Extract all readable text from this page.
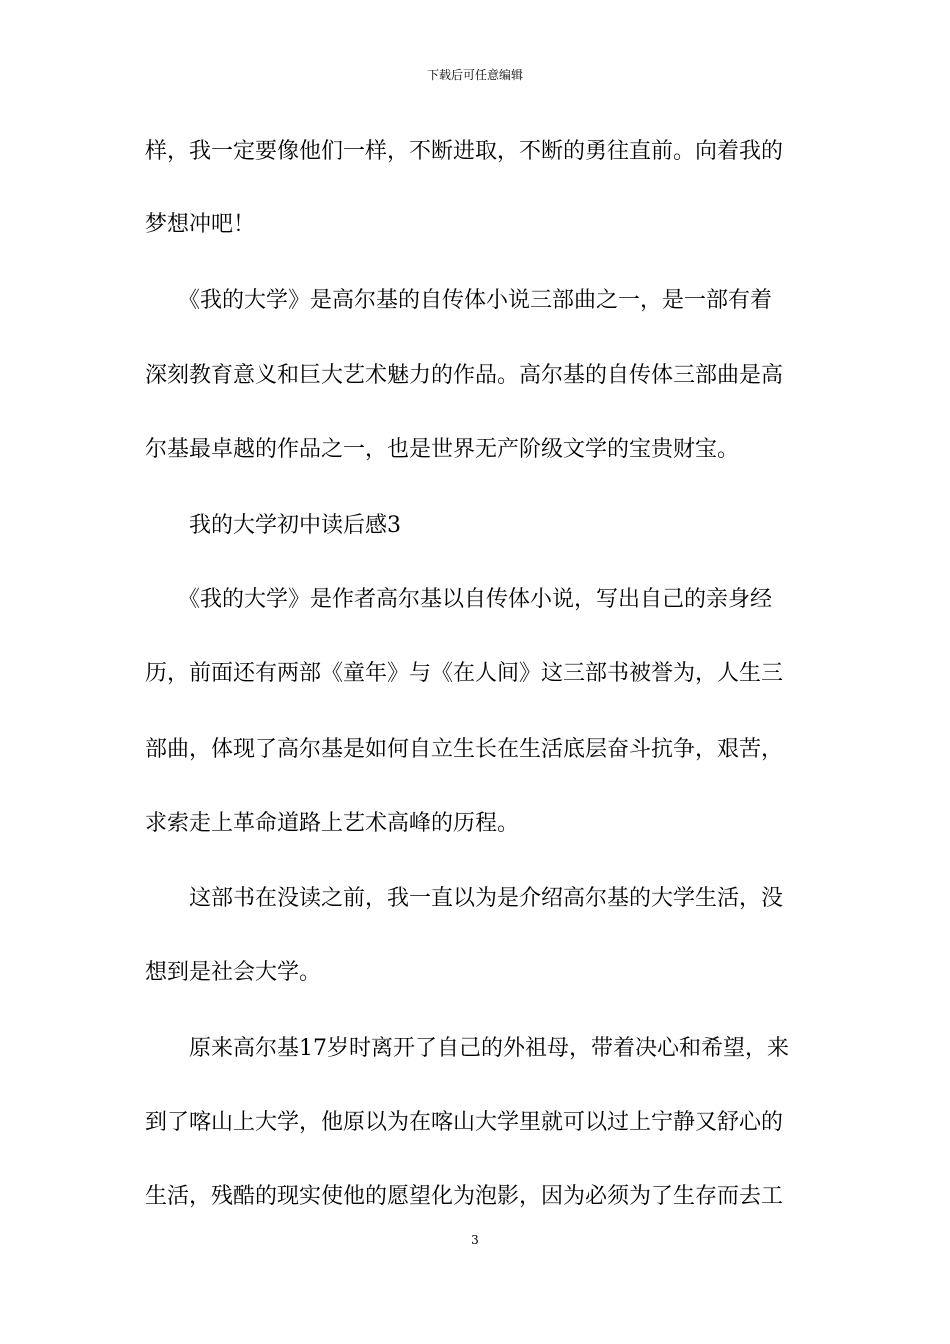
下载后可任意编辑
样，我一定要像他们一样，不断进取，不断的勇往直前。向着我的
梦想冲吧！
　　《我的大学》是高尔基的自传体小说三部曲之一，是一部有着
深刻教育意义和巨大艺术魅力的作品。高尔基的自传体三部曲是高
尔基最卓越的作品之一，也是世界无产阶级文学的宝贵财宝。
　　我的大学初中读后感3
　　《我的大学》是作者高尔基以自传体小说，写出自己的亲身经
历，前面还有两部《童年》与《在人间》这三部书被誉为，人生三
部曲，体现了高尔基是如何自立生长在生活底层奋斗抗争，艰苦，
求索走上革命道路上艺术高峰的历程。
　　这部书在没读之前，我一直以为是介绍高尔基的大学生活，没
想到是社会大学。
　　原来高尔基17岁时离开了自己的外祖母，带着决心和希望，来
到了喀山上大学，他原以为在喀山大学里就可以过上宁静又舒心的
生活，残酷的现实使他的愿望化为泡影，因为必须为了生存而去工
3
